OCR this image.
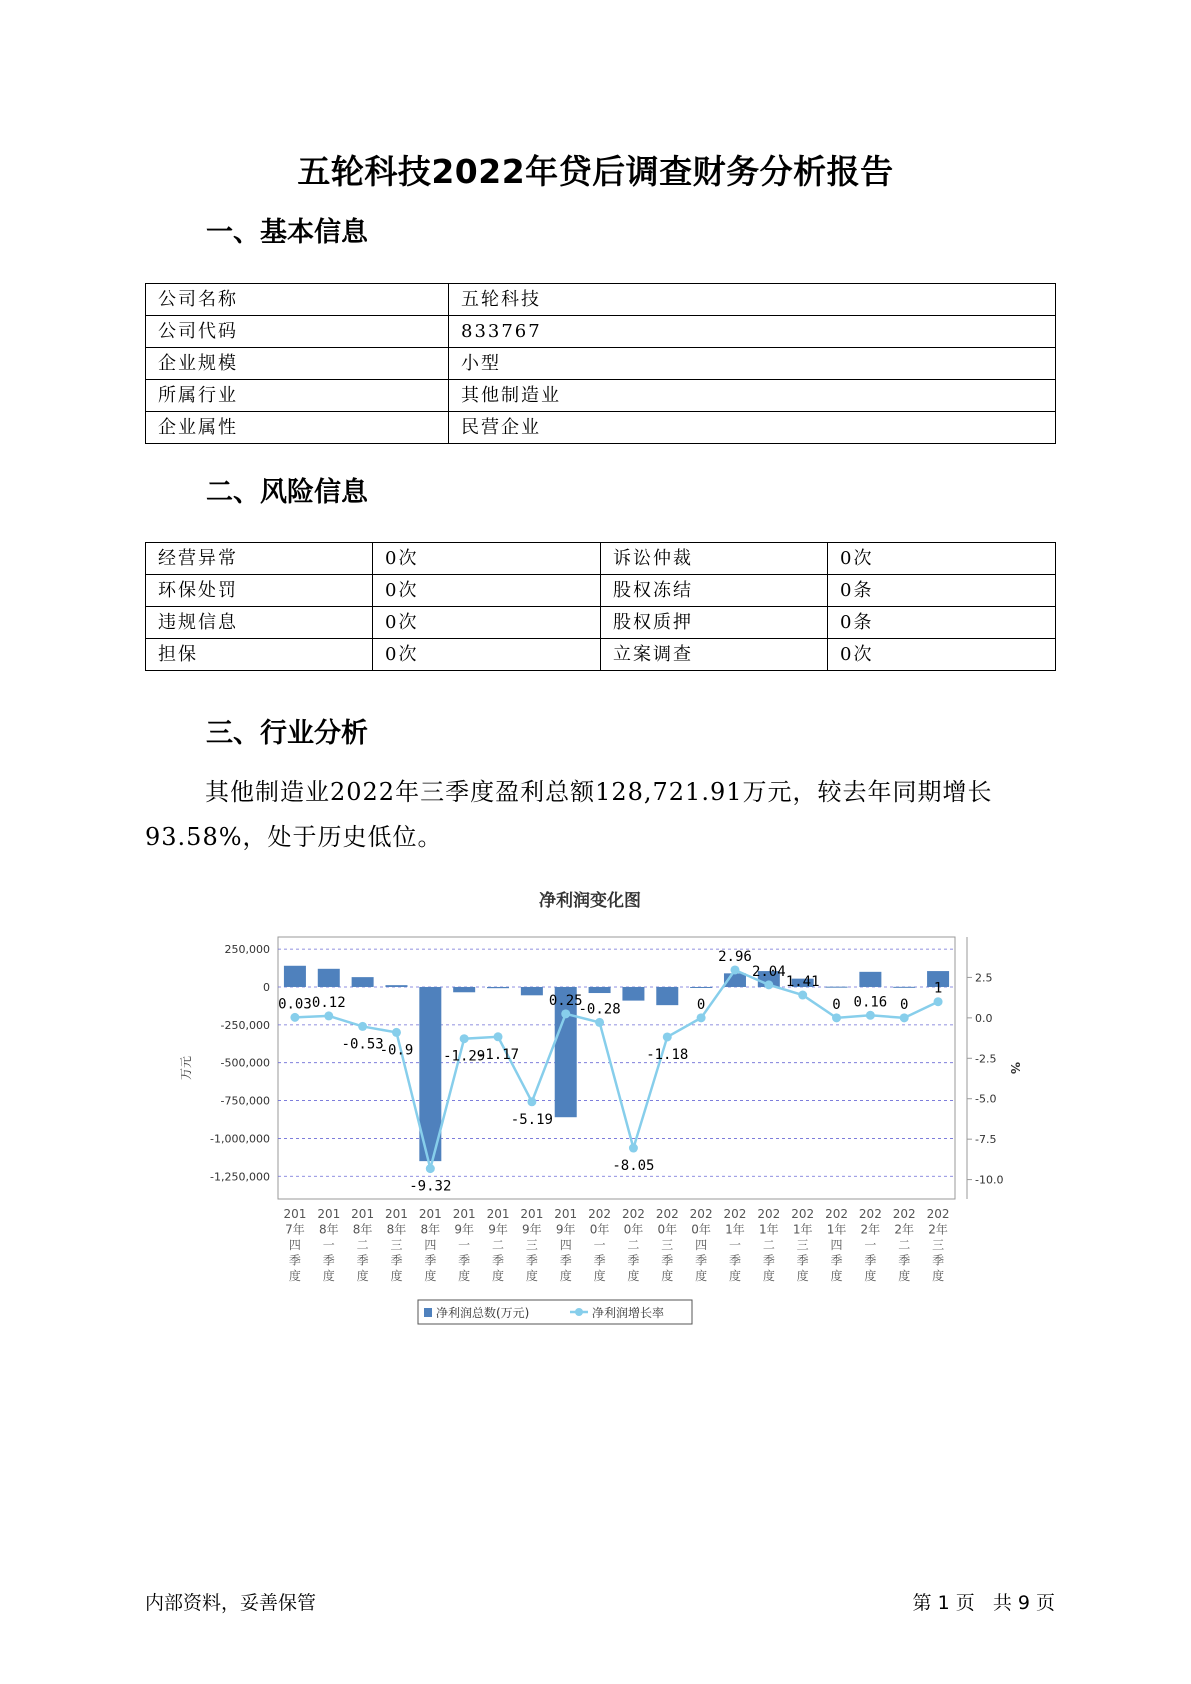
五轮科技2022年贷后调查财务分析报告
一、基本信息
公司名称	五轮科技
公司代码	833767
企业规模	小型
所属行业	其他制造业
企业属性	民营企业
二、风险信息
经营异常	0次	诉讼仲裁	0次
环保处罚	0次	股权冻结	0条
违规信息	0次	股权质押	0条
担保	0次	立案调查	0次
三、行业分析
其他制造业2022年三季度盈利总额128,721.91万元，较去年同期增长93.58%，处于历史低位。
净利润变化图
250,000
0
-250,000
-500,000
-750,000
-1,000,000
-1,250,000
万元
2.5
0.0
-2.5
-5.0
-7.5
-10.0
%
0.03 0.12
-0.53
-0.9
-9.32
-1.29
-1.17
-5.19
0.25
-0.28
-8.05
-1.18
0
2.96
2.04
1.41
0 0.16 0
1
201 7年四季度
201 8年一季度
201 8年二季度
201 8年三季度
201 8年四季度
201 9年一季度
201 9年二季度
201 9年三季度
201 9年四季度
202 0年一季度
202 0年二季度
202 0年三季度
202 0年四季度
202 1年一季度
202 1年二季度
202 1年三季度
202 1年四季度
202 2年一季度
202 2年二季度
202 2年三季度
净利润总数(万元)	净利润增长率
内部资料，妥善保管	第 1 页   共 9 页
